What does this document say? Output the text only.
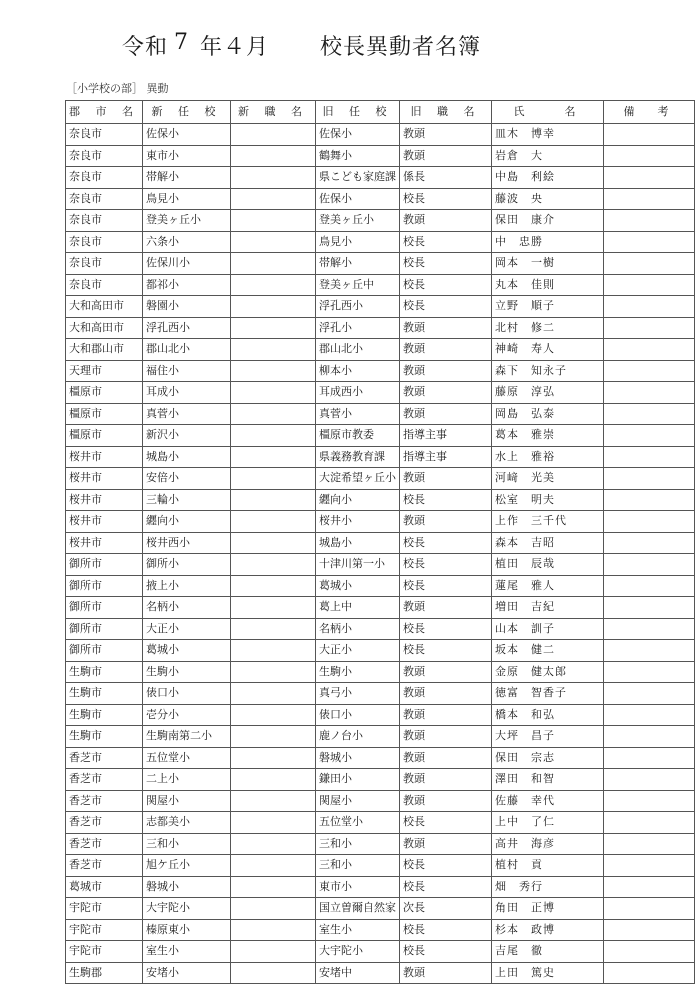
令和 7 年４月 校長異動者名簿
［小学校の部］ 異動
郡 市 名	新 任 校	新 職 名	旧 任 校	旧 職 名	氏　　名	備　考
奈良市	佐保小		佐保小	教頭	皿木　博幸	
奈良市	東市小		鶴舞小	教頭	岩倉　大	
奈良市	帯解小		県こども家庭課	係長	中島　利絵	
奈良市	鳥見小		佐保小	校長	藤波　央	
奈良市	登美ヶ丘小		登美ヶ丘小	教頭	保田　康介	
奈良市	六条小		鳥見小	校長	中　忠勝	
奈良市	佐保川小		帯解小	校長	岡本　一樹	
奈良市	都祁小		登美ヶ丘中	校長	丸本　佳則	
大和高田市	磐園小		浮孔西小	校長	立野　順子	
大和高田市	浮孔西小		浮孔小	教頭	北村　修二	
大和郡山市	郡山北小		郡山北小	教頭	神崎　寿人	
天理市	福住小		柳本小	教頭	森下　知永子	
橿原市	耳成小		耳成西小	教頭	藤原　淳弘	
橿原市	真菅小		真菅小	教頭	岡島　弘泰	
橿原市	新沢小		橿原市教委	指導主事	葛本　雅崇	
桜井市	城島小		県義務教育課	指導主事	水上　雅裕	
桜井市	安倍小		大淀希望ヶ丘小	教頭	河﨑　光美	
桜井市	三輪小		纒向小	校長	松室　明夫	
桜井市	纒向小		桜井小	教頭	上作　三千代	
桜井市	桜井西小		城島小	校長	森本　吉昭	
御所市	御所小		十津川第一小	校長	植田　辰哉	
御所市	掖上小		葛城小	校長	蓮尾　雅人	
御所市	名柄小		葛上中	教頭	増田　吉紀	
御所市	大正小		名柄小	校長	山本　訓子	
御所市	葛城小		大正小	校長	坂本　健二	
生駒市	生駒小		生駒小	教頭	金原　健太郎	
生駒市	俵口小		真弓小	教頭	徳富　智香子	
生駒市	壱分小		俵口小	教頭	橋本　和弘	
生駒市	生駒南第二小		鹿ノ台小	教頭	大坪　昌子	
香芝市	五位堂小		磐城小	教頭	保田　宗志	
香芝市	二上小		鎌田小	教頭	澤田　和智	
香芝市	関屋小		関屋小	教頭	佐藤　幸代	
香芝市	志都美小		五位堂小	校長	上中　了仁	
香芝市	三和小		三和小	教頭	高井　海彦	
香芝市	旭ケ丘小		三和小	校長	植村　貢	
葛城市	磐城小		東市小	校長	畑　秀行	
宇陀市	大宇陀小		国立曽爾自然家	次長	角田　正博	
宇陀市	榛原東小		室生小	校長	杉本　政博	
宇陀市	室生小		大宇陀小	校長	吉尾　徹	
生駒郡	安堵小		安堵中	教頭	上田　篤史	
